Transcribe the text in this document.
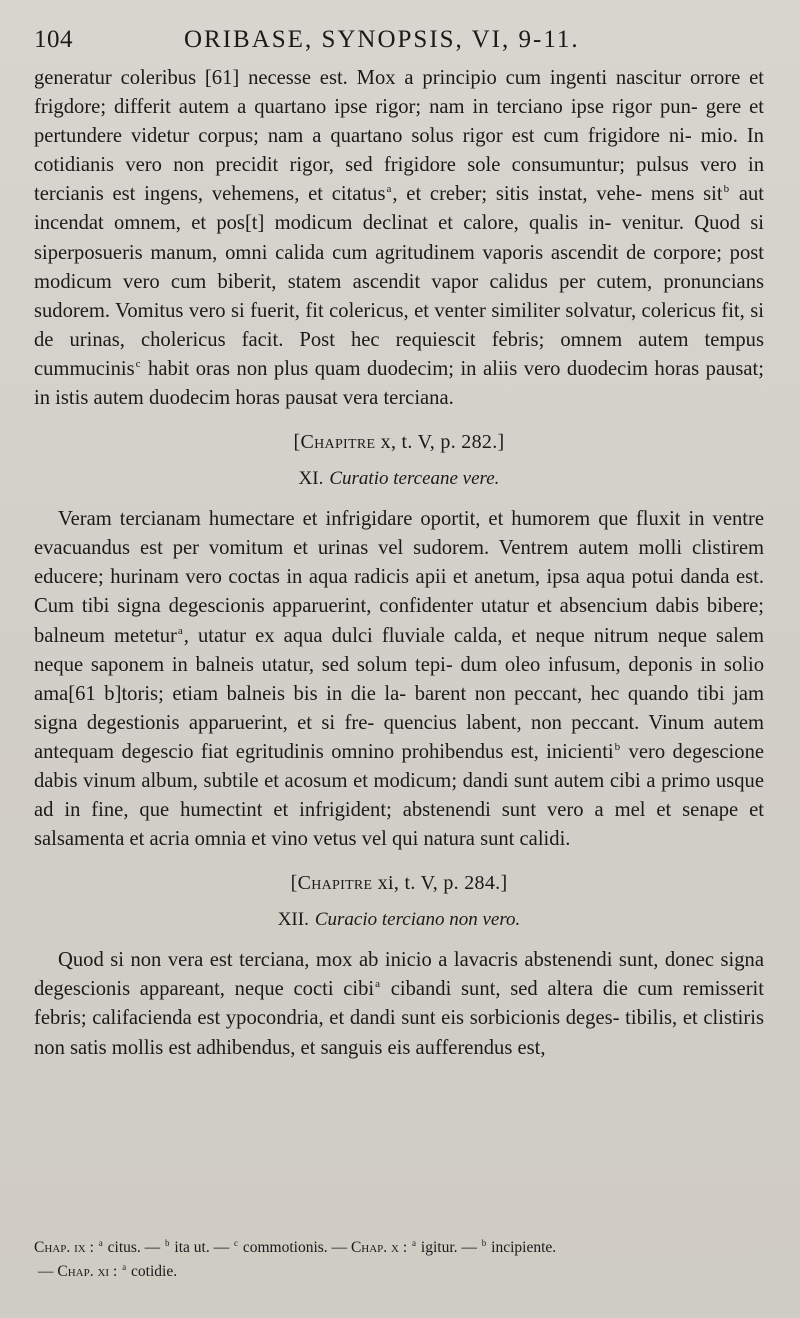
104	ORIBASE, SYNOPSIS, VI, 9-11.

generatur coleribus [61] necesse est. Mox a principio cum ingenti nascitur orrore et frigdore; differit autem a quartano ipse rigor; nam in terciano ipse rigor pun- gere et pertundere videtur corpus; nam a quartano solus rigor est cum frigidore ni- mio. In cotidianis vero non precidit rigor, sed frigidore sole consumuntur; pulsus vero in tercianis est ingens, vehemens, et citatus$^a$, et creber; sitis instat, vehe- mens sit$^b$ aut incendat omnem, et pos[t] modicum declinat et calore, qualis in- venitur. Quod si siperposueris manum, omni calida cum agritudinem vaporis ascendit de corpore; post modicum vero cum biberit, statem ascendit vapor calidus per cutem, pronuncians sudorem. Vomitus vero si fuerit, fit colericus, et venter similiter solvatur, colericus fit, si de urinas, cholericus facit. Post hec requiescit febris; omnem autem tempus cummucinis$^c$ habit oras non plus quam duodecim; in aliis vero duodecim horas pausat; in istis autem duodecim horas pausat vera terciana.

[Chapitre x, t. V, p. 282.]
XI. Curatio terceane vere.

Veram tercianam humectare et infrigidare oportit, et humorem que fluxit in ventre evacuandus est per vomitum et urinas vel sudorem. Ventrem autem molli clistirem educere; hurinam vero coctas in aqua radicis apii et anetum, ipsa aqua potui danda est. Cum tibi signa degescionis apparuerint, confidenter utatur et absencium dabis bibere; balneum metetur$^a$, utatur ex aqua dulci fluviale calda, et neque nitrum neque salem neque saponem in balneis utatur, sed solum tepi- dum oleo infusum, deponis in solio ama[61 b]toris; etiam balneis bis in die la- barent non peccant, hec quando tibi jam signa degestionis apparuerint, et si fre- quencius labent, non peccant. Vinum autem antequam degescio fiat egritudinis omnino prohibendus est, inicienti$^b$ vero degescione dabis vinum album, subtile et acosum et modicum; dandi sunt autem cibi a primo usque ad in fine, que humectint et infrigident; abstenendi sunt vero a mel et senape et salsamenta et acria omnia et vino vetus vel qui natura sunt calidi.

[Chapitre xi, t. V, p. 284.]
XII. Curacio terciano non vero.

Quod si non vera est terciana, mox ab inicio a lavacris abstenendi sunt, donec signa degescionis appareant, neque cocti cibi$^a$ cibandi sunt, sed altera die cum remisserit febris; califacienda est ypocondria, et dandi sunt eis sorbicionis deges- tibilis, et clistiris non satis mollis est adhibendus, et sanguis eis aufferendus est,

Chap. ix : $^a$ citus. — $^b$ ita ut. — $^c$ commotionis. — Chap. x : $^a$ igitur. — $^b$ incipiente.
— Chap. xi : $^a$ cotidie.
